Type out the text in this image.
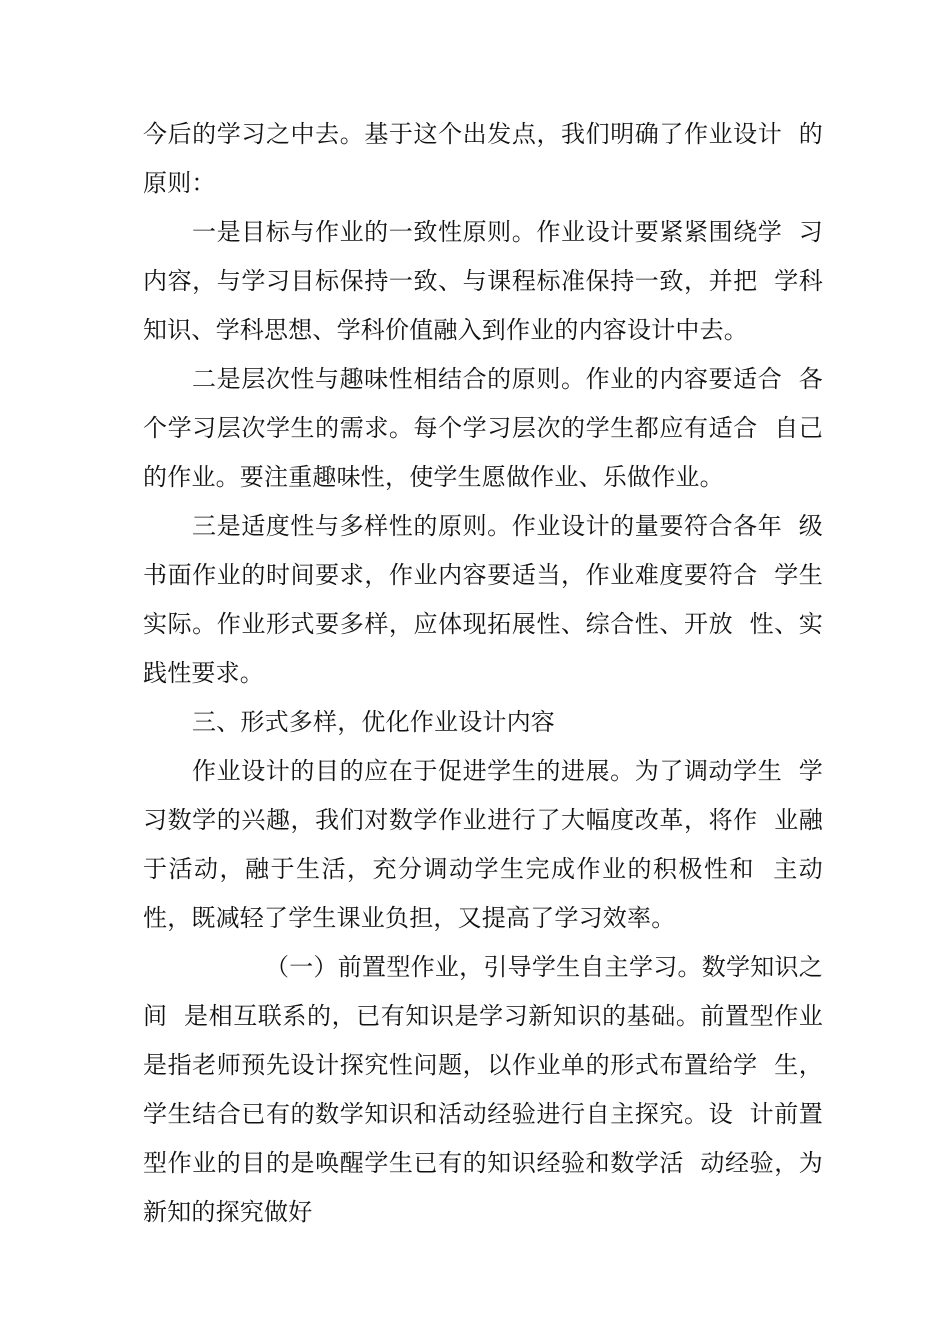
今后的学习之中去。基于这个出发点，我们明确了作业设计  的原则：

一是目标与作业的一致性原则。作业设计要紧紧围绕学  习内容，与学习目标保持一致、与课程标准保持一致，并把  学科知识、学科思想、学科价值融入到作业的内容设计中去。

二是层次性与趣味性相结合的原则。作业的内容要适合  各个学习层次学生的需求。每个学习层次的学生都应有适合  自己的作业。要注重趣味性，使学生愿做作业、乐做作业。

三是适度性与多样性的原则。作业设计的量要符合各年  级书面作业的时间要求，作业内容要适当，作业难度要符合  学生实际。作业形式要多样，应体现拓展性、综合性、开放  性、实践性要求。

三、形式多样，优化作业设计内容

作业设计的目的应在于促进学生的进展。为了调动学生  学习数学的兴趣，我们对数学作业进行了大幅度改革，将作  业融于活动，融于生活，充分调动学生完成作业的积极性和  主动性，既减轻了学生课业负担，又提高了学习效率。

（一）前置型作业，引导学生自主学习。数学知识之间  是相互联系的，已有知识是学习新知识的基础。前置型作业  是指老师预先设计探究性问题，以作业单的形式布置给学  生，学生结合已有的数学知识和活动经验进行自主探究。设  计前置型作业的目的是唤醒学生已有的知识经验和数学活  动经验，为新知的探究做好
